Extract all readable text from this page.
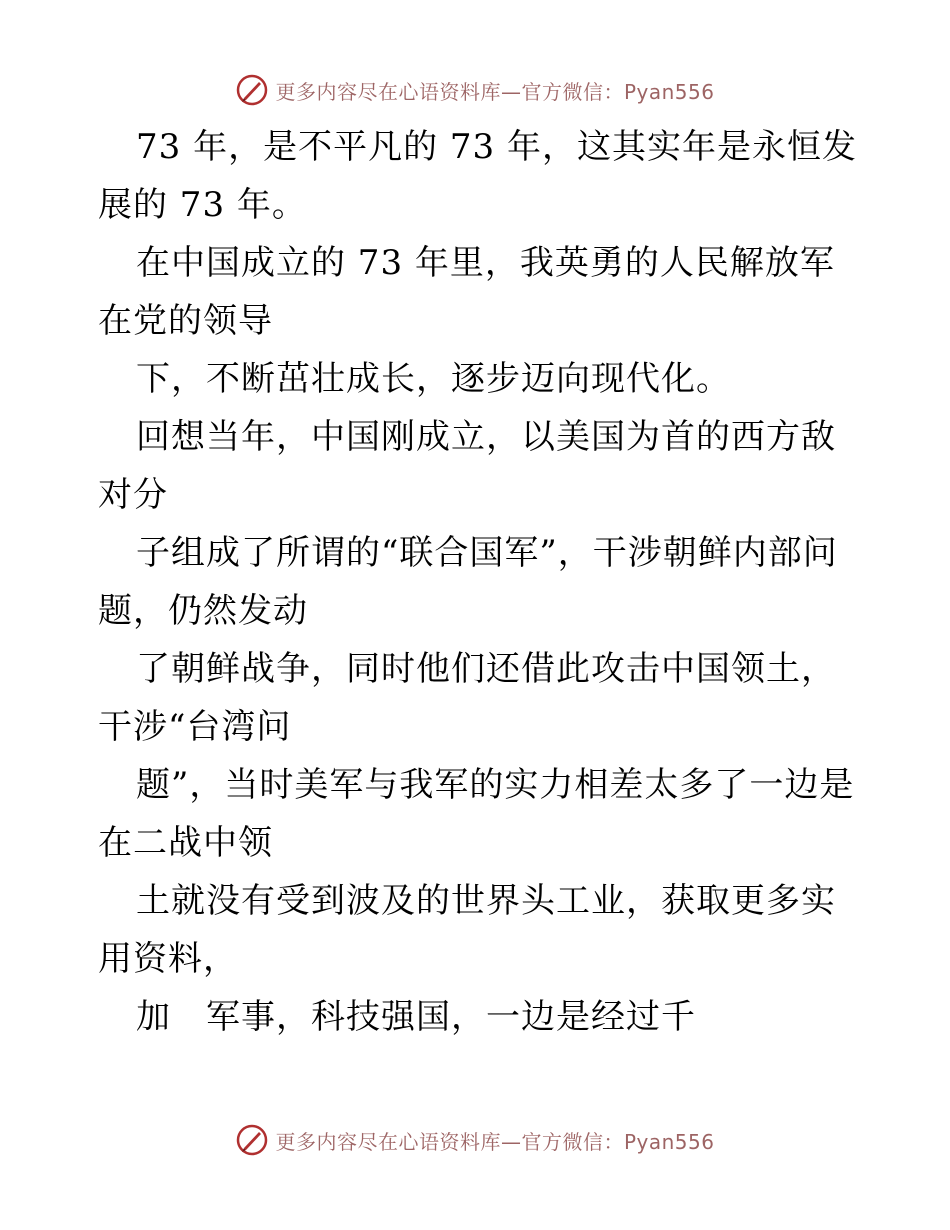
更多内容尽在心语资料库—官方微信：Pyan556

73 年，是不平凡的 73 年，这其实年是永恒发展的 73 年。

在中国成立的 73 年里，我英勇的人民解放军在党的领导

下，不断茁壮成长，逐步迈向现代化。

回想当年，中国刚成立，以美国为首的西方敌对分

子组成了所谓的“联合国军”，干涉朝鲜内部问题，仍然发动

了朝鲜战争，同时他们还借此攻击中国领土，干涉“台湾问

题”，当时美军与我军的实力相差太多了一边是在二战中领

土就没有受到波及的世界头工业，获取更多实用资料，

加　军事，科技强国，一边是经过千

更多内容尽在心语资料库—官方微信：Pyan556
